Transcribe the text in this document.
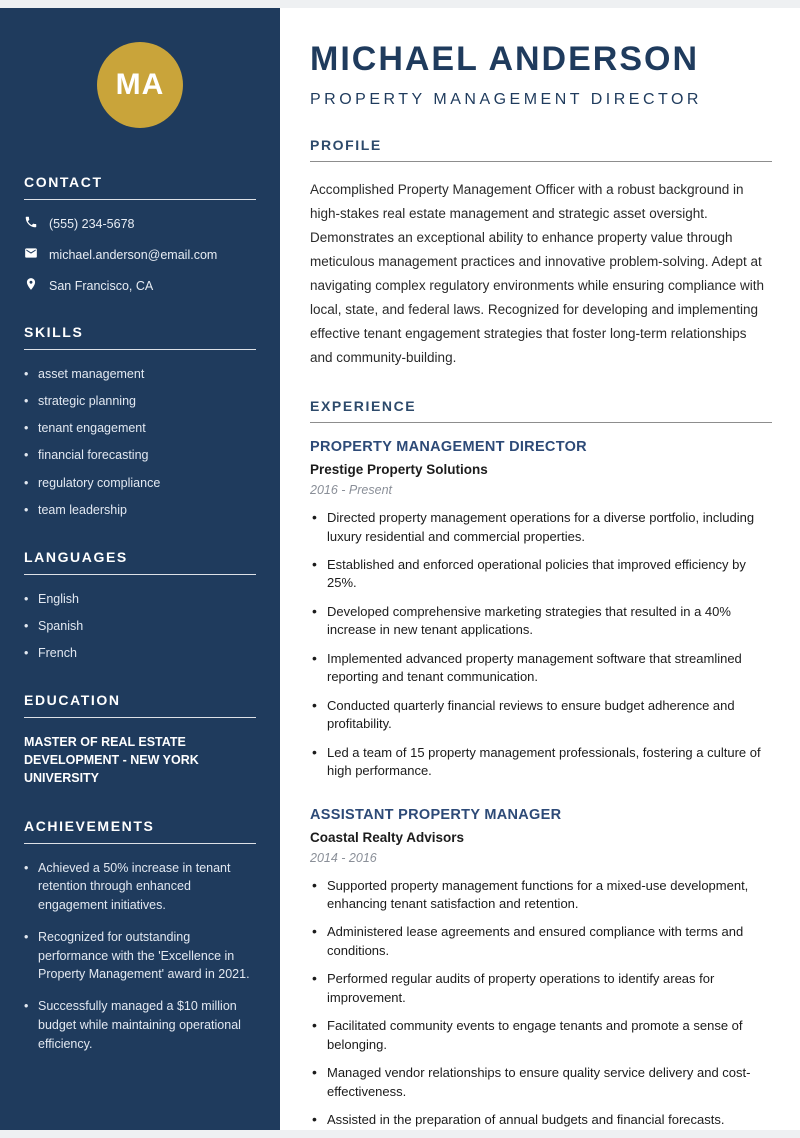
MA
CONTACT
(555) 234-5678
michael.anderson@email.com
San Francisco, CA
SKILLS
• asset management
• strategic planning
• tenant engagement
• financial forecasting
• regulatory compliance
• team leadership
LANGUAGES
• English
• Spanish
• French
EDUCATION
MASTER OF REAL ESTATE DEVELOPMENT - NEW YORK UNIVERSITY
ACHIEVEMENTS
• Achieved a 50% increase in tenant retention through enhanced engagement initiatives.
• Recognized for outstanding performance with the 'Excellence in Property Management' award in 2021.
• Successfully managed a $10 million budget while maintaining operational efficiency.
MICHAEL ANDERSON
PROPERTY MANAGEMENT DIRECTOR
PROFILE

Accomplished Property Management Officer with a robust background in high-stakes real estate management and strategic asset oversight. Demonstrates an exceptional ability to enhance property value through meticulous management practices and innovative problem-solving. Adept at navigating complex regulatory environments while ensuring compliance with local, state, and federal laws. Recognized for developing and implementing effective tenant engagement strategies that foster long-term relationships and community-building.

EXPERIENCE
PROPERTY MANAGEMENT DIRECTOR
Prestige Property Solutions
2016 - Present
• Directed property management operations for a diverse portfolio, including luxury residential and commercial properties.
• Established and enforced operational policies that improved efficiency by 25%.
• Developed comprehensive marketing strategies that resulted in a 40% increase in new tenant applications.
• Implemented advanced property management software that streamlined reporting and tenant communication.
• Conducted quarterly financial reviews to ensure budget adherence and profitability.
• Led a team of 15 property management professionals, fostering a culture of high performance.
ASSISTANT PROPERTY MANAGER
Coastal Realty Advisors
2014 - 2016
• Supported property management functions for a mixed-use development, enhancing tenant satisfaction and retention.
• Administered lease agreements and ensured compliance with terms and conditions.
• Performed regular audits of property operations to identify areas for improvement.
• Facilitated community events to engage tenants and promote a sense of belonging.
• Managed vendor relationships to ensure quality service delivery and cost-effectiveness.
• Assisted in the preparation of annual budgets and financial forecasts.
